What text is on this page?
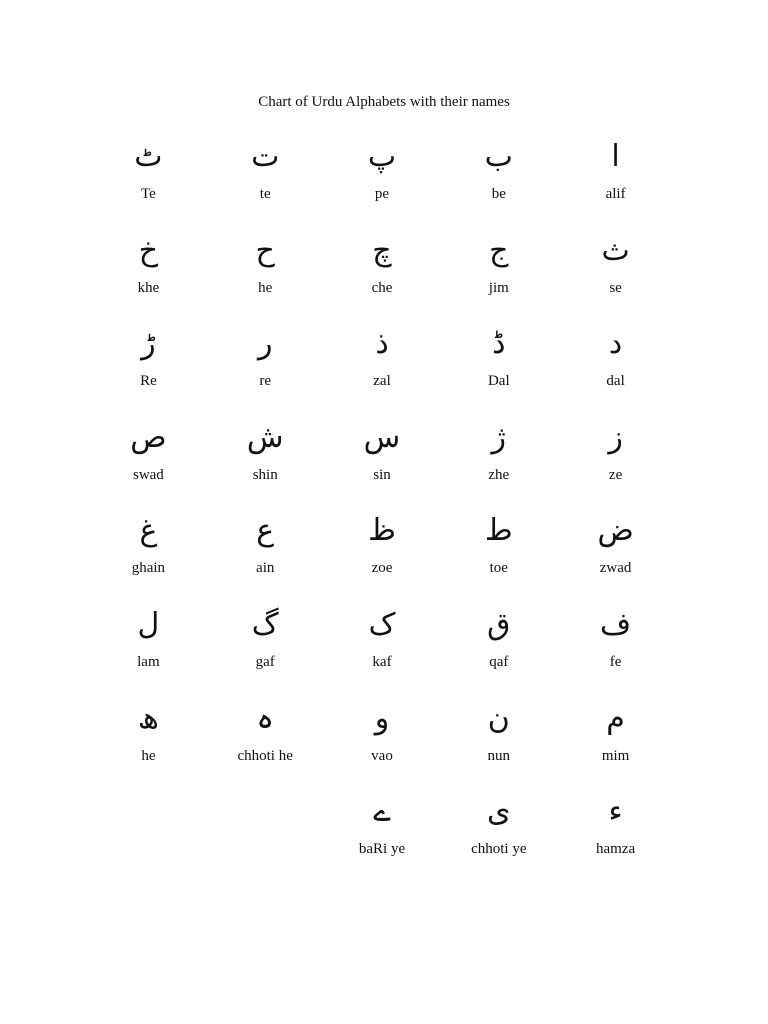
Chart of Urdu Alphabets with their names
ٹ
Te
ت
te
پ
pe
ب
be
ا
alif
خ
khe
ح
he
چ
che
ج
jim
ث
se
ڑ
Re
ر
re
ذ
zal
ڈ
Dal
د
dal
ص
swad
ش
shin
س
sin
ژ
zhe
ز
ze
غ
ghain
ع
ain
ظ
zoe
ط
toe
ض
zwad
ل
lam
گ
gaf
ک
kaf
ق
qaf
ف
fe
ھ
he
ہ
chhoti he
و
vao
ن
nun
م
mim
ے
baRi ye
ی
chhoti ye
ء
hamza
